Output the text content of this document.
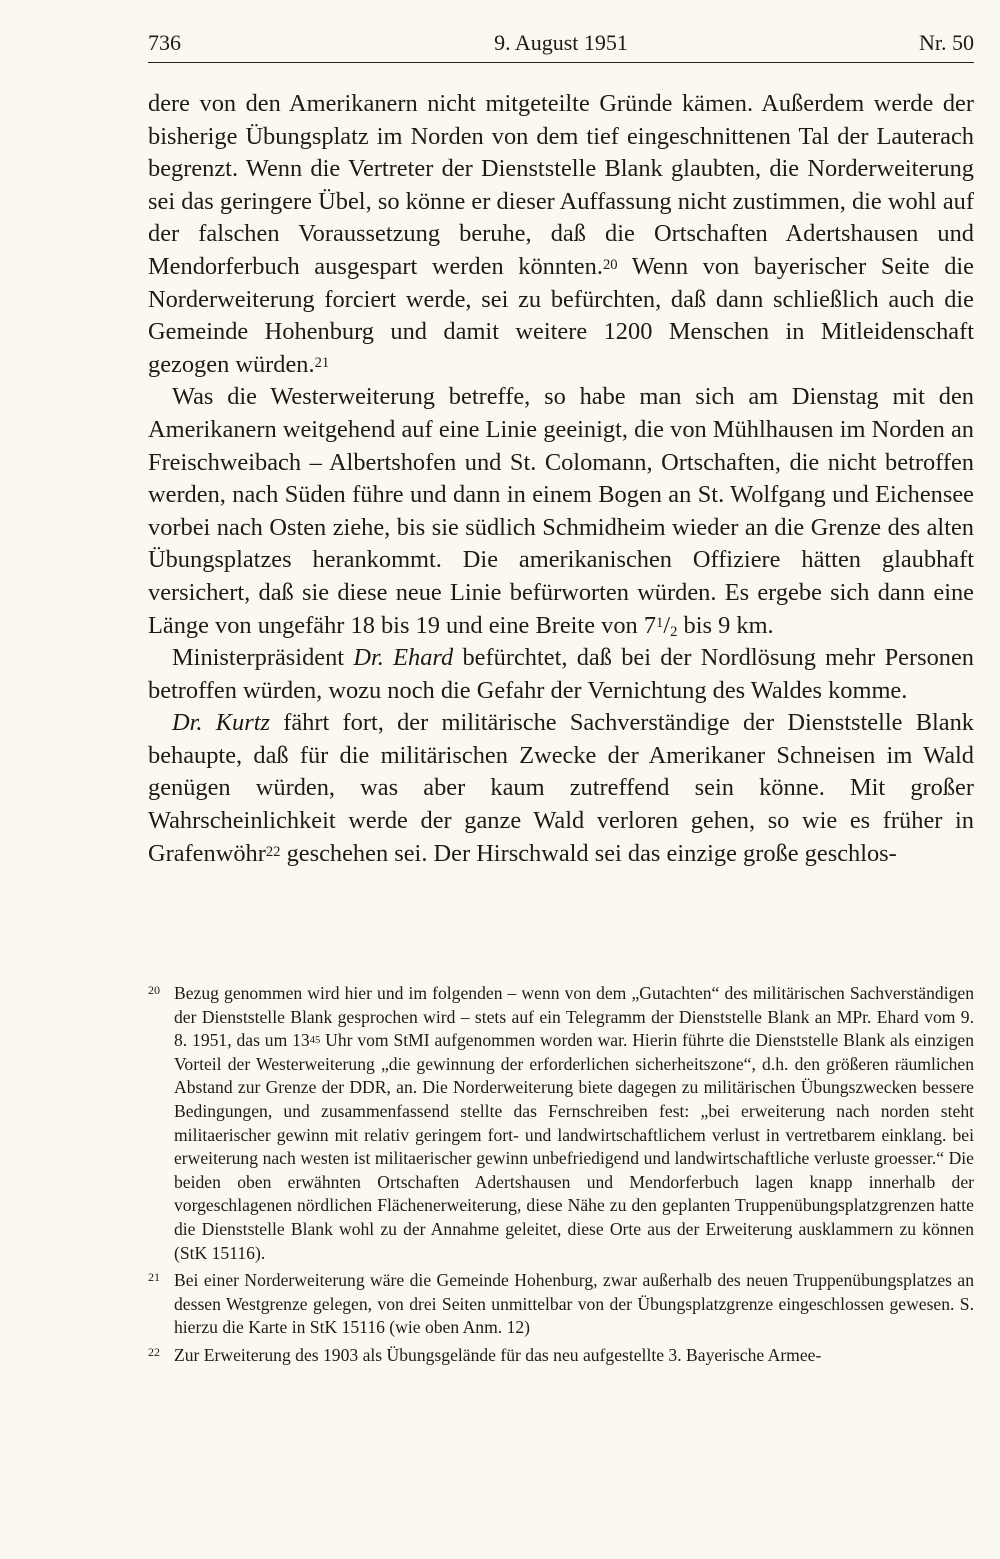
736	9. August 1951	Nr. 50

dere von den Amerikanern nicht mitgeteilte Gründe kämen. Außerdem werde der bisherige Übungsplatz im Norden von dem tief eingeschnittenen Tal der Lauterach begrenzt. Wenn die Vertreter der Dienststelle Blank glaubten, die Norderweiterung sei das geringere Übel, so könne er dieser Auffassung nicht zustimmen, die wohl auf der falschen Voraussetzung beruhe, daß die Ortschaften Adertshausen und Mendorferbuch ausgespart werden könnten.$^{20}$ Wenn von bayerischer Seite die Norderweiterung forciert werde, sei zu befürchten, daß dann schließlich auch die Gemeinde Hohenburg und damit weitere 1200 Menschen in Mitleidenschaft gezogen würden.$^{21}$

Was die Westerweiterung betreffe, so habe man sich am Dienstag mit den Amerikanern weitgehend auf eine Linie geeinigt, die von Mühlhausen im Norden an Freischweibach – Albertshofen und St. Colomann, Ortschaften, die nicht betroffen werden, nach Süden führe und dann in einem Bogen an St. Wolfgang und Eichensee vorbei nach Osten ziehe, bis sie südlich Schmidheim wieder an die Grenze des alten Übungsplatzes herankommt. Die amerikanischen Offiziere hätten glaubhaft versichert, daß sie diese neue Linie befürworten würden. Es ergebe sich dann eine Länge von ungefähr 18 bis 19 und eine Breite von $7^1/_2$ bis 9 km.

Ministerpräsident Dr. Ehard befürchtet, daß bei der Nordlösung mehr Personen betroffen würden, wozu noch die Gefahr der Vernichtung des Waldes komme.

Dr. Kurtz fährt fort, der militärische Sachverständige der Dienststelle Blank behaupte, daß für die militärischen Zwecke der Amerikaner Schneisen im Wald genügen würden, was aber kaum zutreffend sein könne. Mit großer Wahrscheinlichkeit werde der ganze Wald verloren gehen, so wie es früher in Grafenwöhr$^{22}$ geschehen sei. Der Hirschwald sei das einzige große geschlos-

20 Bezug genommen wird hier und im folgenden – wenn von dem „Gutachten“ des militärischen Sachverständigen der Dienststelle Blank gesprochen wird – stets auf ein Telegramm der Dienststelle Blank an MPr. Ehard vom 9. 8. 1951, das um $13^{45}$ Uhr vom StMI aufgenommen worden war. Hierin führte die Dienststelle Blank als einzigen Vorteil der Westerweiterung „die gewinnung der erforderlichen sicherheitszone“, d.h. den größeren räumlichen Abstand zur Grenze der DDR, an. Die Norderweiterung biete dagegen zu militärischen Übungszwecken bessere Bedingungen, und zusammenfassend stellte das Fernschreiben fest: „bei erweiterung nach norden steht militaerischer gewinn mit relativ geringem fort- und landwirtschaftlichem verlust in vertretbarem einklang. bei erweiterung nach westen ist militaerischer gewinn unbefriedigend und landwirtschaftliche verluste groesser.“ Die beiden oben erwähnten Ortschaften Adertshausen und Mendorferbuch lagen knapp innerhalb der vorgeschlagenen nördlichen Flächenerweiterung, diese Nähe zu den geplanten Truppenübungsplatzgrenzen hatte die Dienststelle Blank wohl zu der Annahme geleitet, diese Orte aus der Erweiterung ausklammern zu können (StK 15116).
21 Bei einer Norderweiterung wäre die Gemeinde Hohenburg, zwar außerhalb des neuen Truppenübungsplatzes an dessen Westgrenze gelegen, von drei Seiten unmittelbar von der Übungsplatzgrenze eingeschlossen gewesen. S. hierzu die Karte in StK 15116 (wie oben Anm. 12)
22 Zur Erweiterung des 1903 als Übungsgelände für das neu aufgestellte 3. Bayerische Armee-
